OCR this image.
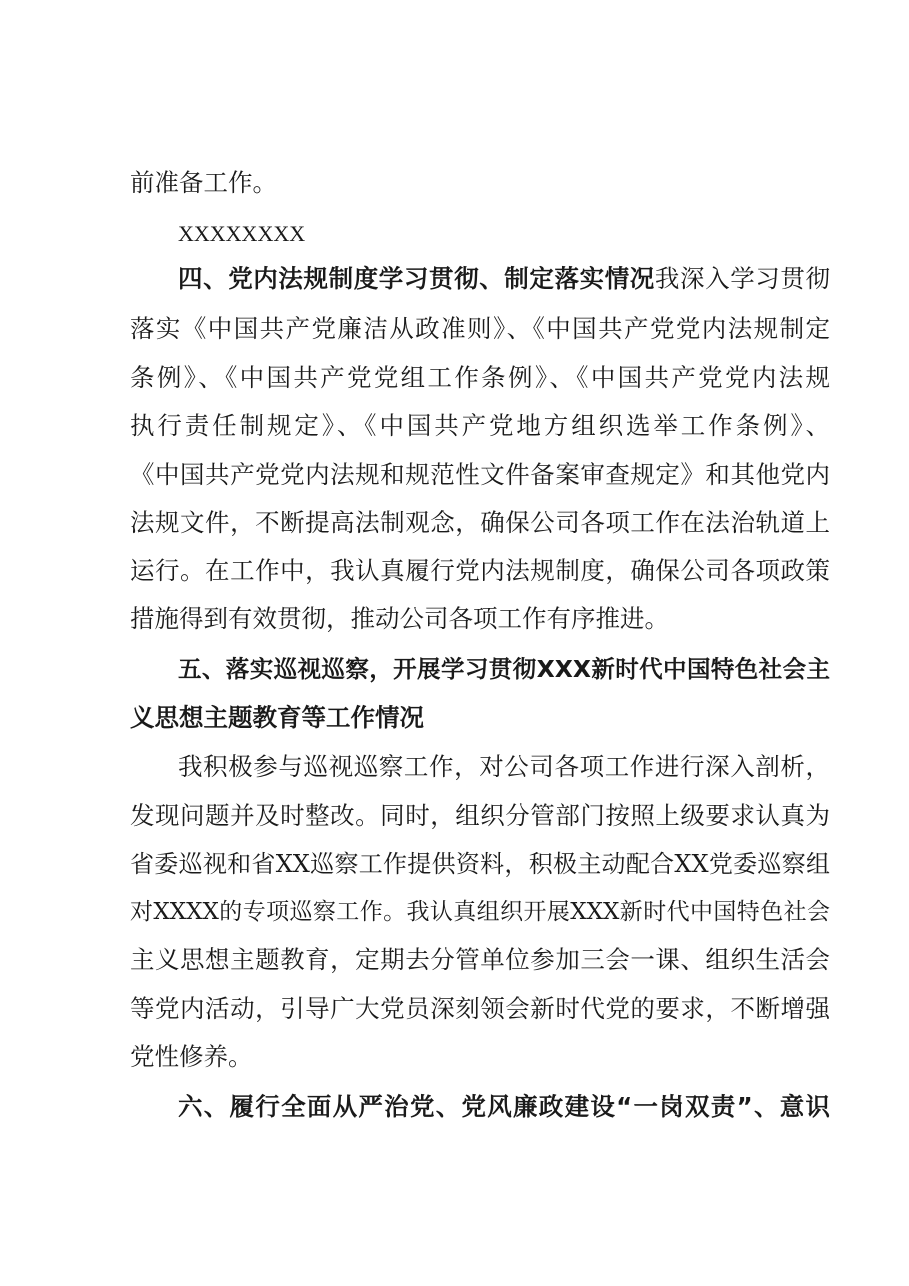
前准备工作。
XXXXXXXX
四、党内法规制度学习贯彻、制定落实情况我深入学习贯彻
落实《中国共产党廉洁从政准则》、《中国共产党党内法规制定
条例》、《中国共产党党组工作条例》、《中国共产党党内法规
执行责任制规定》、《中国共产党地方组织选举工作条例》、
《中国共产党党内法规和规范性文件备案审查规定》和其他党内
法规文件，不断提高法制观念，确保公司各项工作在法治轨道上
运行。在工作中，我认真履行党内法规制度，确保公司各项政策
措施得到有效贯彻，推动公司各项工作有序推进。
五、落实巡视巡察，开展学习贯彻XXX新时代中国特色社会主
义思想主题教育等工作情况
我积极参与巡视巡察工作，对公司各项工作进行深入剖析，
发现问题并及时整改。同时，组织分管部门按照上级要求认真为
省委巡视和省XX巡察工作提供资料，积极主动配合XX党委巡察组
对XXXX的专项巡察工作。我认真组织开展XXX新时代中国特色社会
主义思想主题教育，定期去分管单位参加三会一课、组织生活会
等党内活动，引导广大党员深刻领会新时代党的要求，不断增强
党性修养。
六、履行全面从严治党、党风廉政建设“一岗双责”、意识
